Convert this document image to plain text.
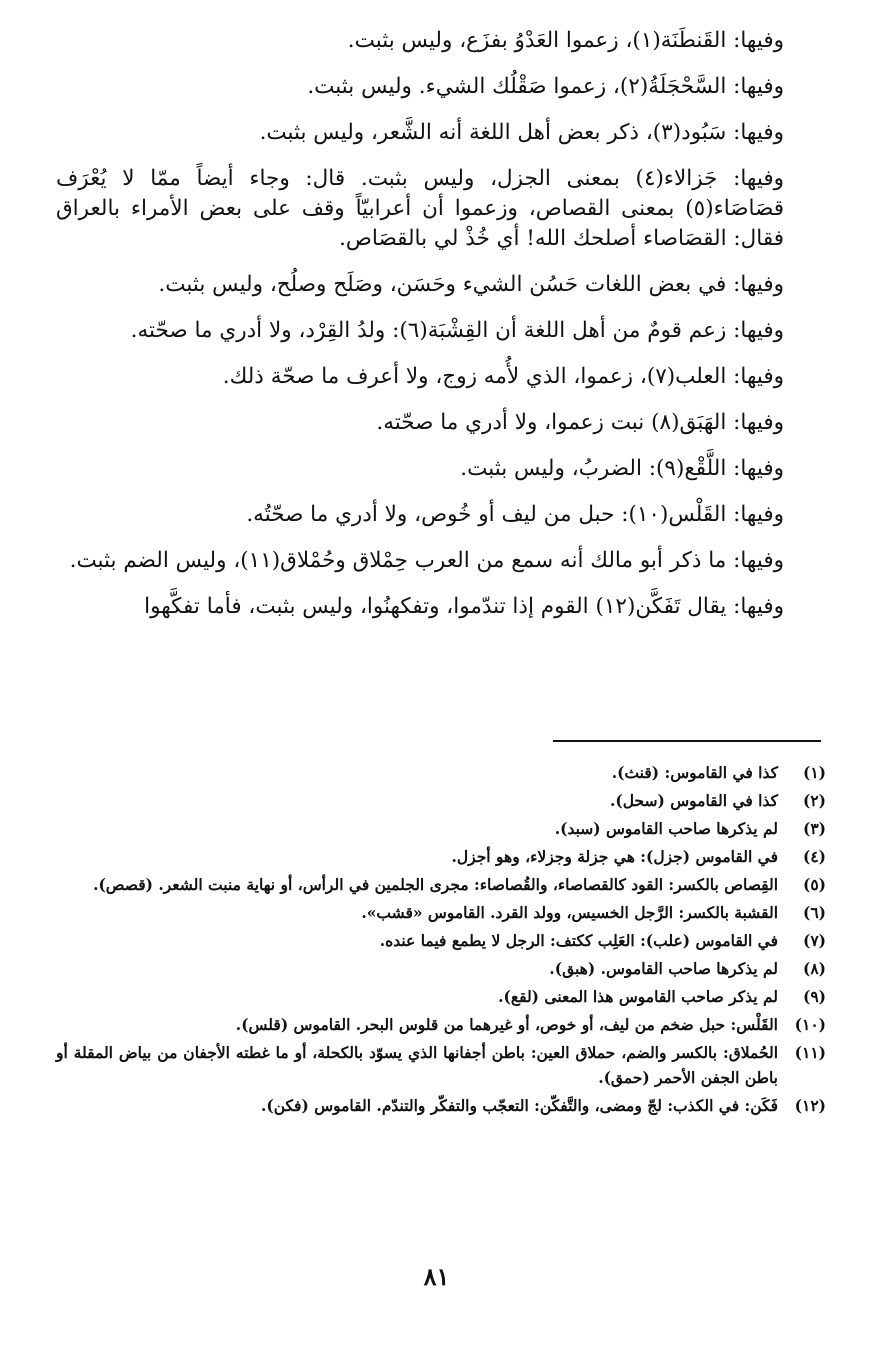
وفيها: القَنطَنَة(١)، زعموا العَدْوُ بفزَع، وليس بثبت.

وفيها: السَّحْجَلَةُ(٢)، زعموا صَقْلُك الشيء. وليس بثبت.

وفيها: سَبُود(٣)، ذكر بعض أهل اللغة أنه الشَّعر، وليس بثبت.

وفيها: جَزالاء(٤) بمعنى الجزل، وليس بثبت. قال: وجاء أيضاً ممّا لا يُعْرَف قصَاصَاء(٥) بمعنى القصاص، وزعموا أن أعرابيّاً وقف على بعض الأمراء بالعراق فقال: القصَاصاء أصلحك الله! أي خُذْ لي بالقصَاص.

وفيها: في بعض اللغات حَسُن الشيء وحَسَن، وصَلَح وصلُح، وليس بثبت.

وفيها: زعم قومٌ من أهل اللغة أن القِشْبَة(٦): ولدُ القِرْد، ولا أدري ما صحّته.

وفيها: العلب(٧)، زعموا، الذي لأُمه زوج، ولا أعرف ما صحّة ذلك.

وفيها: الهَبَق(٨) نبت زعموا، ولا أدري ما صحّته.

وفيها: اللَّقْع(٩): الضربُ، وليس بثبت.

وفيها: القَلْس(١٠): حبل من ليف أو خُوص، ولا أدري ما صحّتُه.

وفيها: ما ذكر أبو مالك أنه سمع من العرب حِمْلاق وحُمْلاق(١١)، وليس الضم بثبت.

وفيها: يقال تَفَكَّن(١٢) القوم إذا تندّموا، وتفكهنُوا، وليس بثبت، فأما تفكَّهوا

(١)
كذا في القاموس: (قنث).
(٢)
كذا في القاموس (سحل).
(٣)
لم يذكرها صاحب القاموس (سبد).
(٤)
في القاموس (جزل): هي جزلة وجزلاء، وهو أجزل.
(٥)
القِصاص بالكسر: القود كالقصاصاء، والقُصاصاء: مجرى الجلمين في الرأس، أو نهاية منبت الشعر. (قصص).
(٦)
القشبة بالكسر: الرَّجل الخسيس، وولد القرد. القاموس «قشب».
(٧)
في القاموس (علب): العَلِب ككتف: الرجل لا يطمع فيما عنده.
(٨)
لم يذكرها صاحب القاموس. (هبق).
(٩)
لم يذكر صاحب القاموس هذا المعنى (لقع).
(١٠)
القَلْس: حبل ضخم من ليف، أو خوص، أو غيرهما من قلوس البحر. القاموس (قلس).
(١١)
الحُملاق: بالكسر والضم، حملاق العين: باطن أجفانها الذي يسوّد بالكحلة، أو ما غطته الأجفان من بياض المقلة أو باطن الجفن الأحمر (حمق).
(١٢)
فَكَن: في الكذب: لجّ ومضى، والتَّفكّن: التعجّب والتفكّر والتندّم. القاموس (فكن).
٨١
